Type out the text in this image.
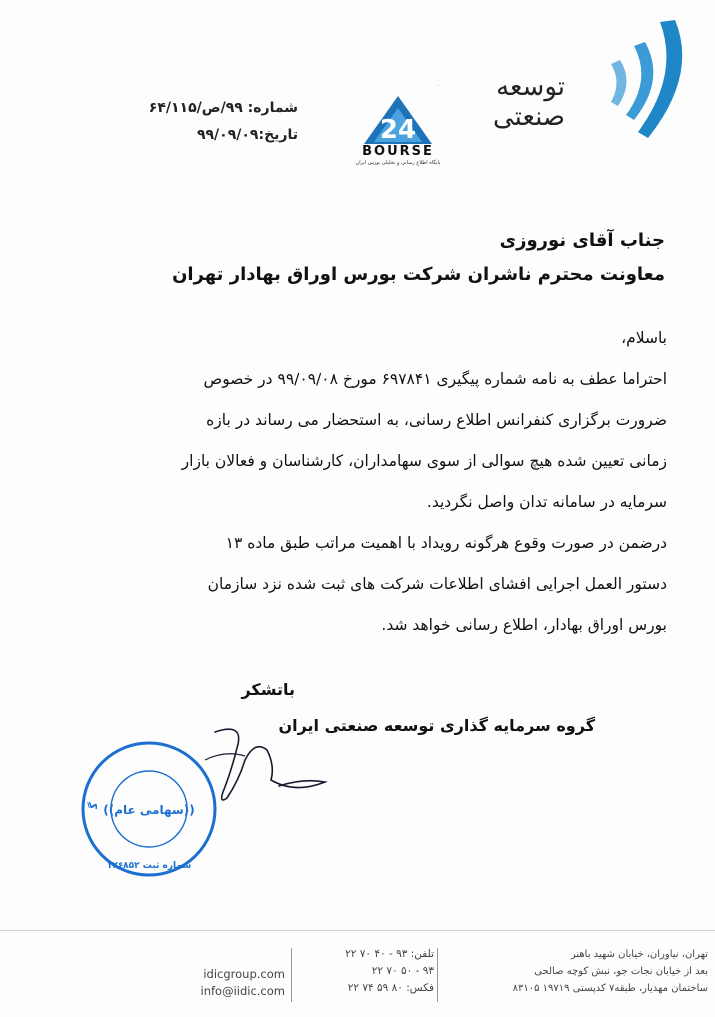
توسعه
صنعتی
·
24
BOURSE
پایگاه اطلاع رسانی و تحلیلی بورس ایران
شماره: ۹۹/ص/۶۴/۱۱۵
تاریخ:۹۹/۰۹/۰۹
جناب آقای نوروزی
معاونت محترم ناشران شرکت بورس اوراق بهادار تهران

باسلام،

احتراما عطف به نامه شماره پیگیری ۶۹۷۸۴۱ مورخ ۹۹/۰۹/۰۸ در خصوص

ضرورت برگزاری کنفرانس اطلاع رسانی، به استحضار می رساند در بازه

زمانی تعیین شده هیچ سوالی از سوی سهامداران، کارشناسان و فعالان بازار

سرمایه در سامانه تدان واصل نگردید.

درضمن در صورت وقوع هرگونه رویداد با اهمیت مراتب طبق ماده ۱۳

دستور العمل اجرایی افشای اطلاعات شرکت های ثبت شده نزد سازمان

بورس اوراق بهادار، اطلاع رسانی خواهد شد.

باتشکر
گروه سرمایه گذاری توسعه صنعتی ایران
گ ((سهامی عام))
شماره ثبت ۱۲۶۸۵۲
idicgroup.com
info@iidic.com
تلفن: ۹۳ - ۴۰ ۷۰ ۲۲
۹۳ - ۵۰ ۷۰ ۲۲
فکس: ۸۰ ۵۹ ۷۴ ۲۲
تهران، نیاوران، خیابان شهید باهنر
بعد از خیابان نجات جو، نبش کوچه صالحی
ساختمان مهدیار، طبقه۷ کدپستی ۱۹۷۱۹ ۸۳۱۰۵
